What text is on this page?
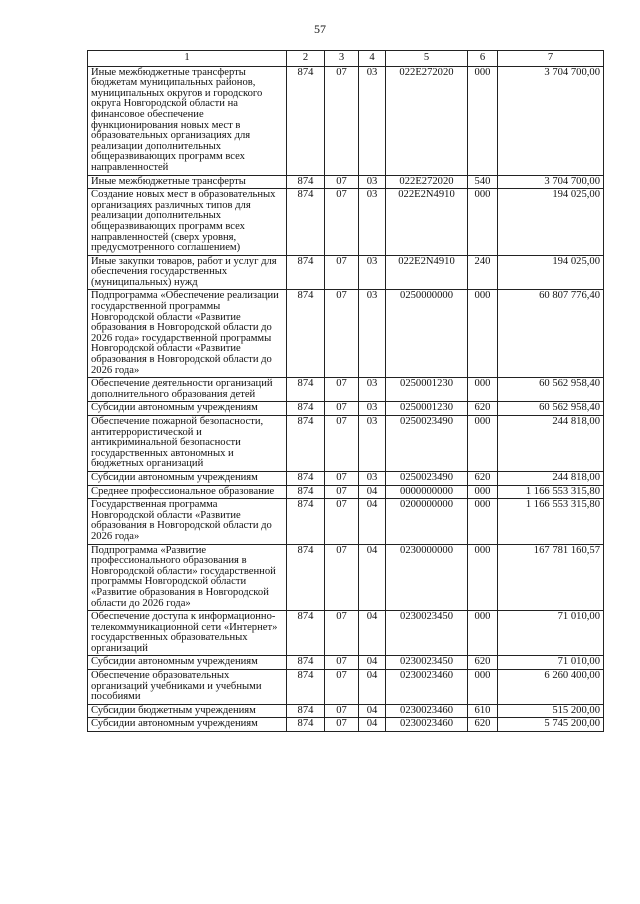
57
1	2	3	4	5	6	7
Иные межбюджетные трансферты бюджетам муниципальных районов, муниципальных округов и городского округа Новгородской области на финансовое обеспечение функционирования новых мест в образовательных организациях для реализации дополнительных общеразвивающих программ всех направленностей	874	07	03	022E272020	000	3 704 700,00
Иные межбюджетные трансферты	874	07	03	022E272020	540	3 704 700,00
Создание новых мест в образовательных организациях различных типов для реализации дополнительных общеразвивающих программ всех направленностей (сверх уровня, предусмотренного соглашением)	874	07	03	022E2N4910	000	194 025,00
Иные закупки товаров, работ и услуг для обеспечения государственных (муниципальных) нужд	874	07	03	022E2N4910	240	194 025,00
Подпрограмма «Обеспечение реализации государственной программы Новгородской области «Развитие образования в Новгородской области до 2026 года» государственной программы Новгородской области «Развитие образования в Новгородской области до 2026 года»	874	07	03	0250000000	000	60 807 776,40
Обеспечение деятельности организаций дополнительного образования детей	874	07	03	0250001230	000	60 562 958,40
Субсидии автономным учреждениям	874	07	03	0250001230	620	60 562 958,40
Обеспечение пожарной безопасности, антитеррористической и антикриминальной безопасности государственных автономных и бюджетных организаций	874	07	03	0250023490	000	244 818,00
Субсидии автономным учреждениям	874	07	03	0250023490	620	244 818,00
Среднее профессиональное образование	874	07	04	0000000000	000	1 166 553 315,80
Государственная программа Новгородской области «Развитие образования в Новгородской области до 2026 года»	874	07	04	0200000000	000	1 166 553 315,80
Подпрограмма «Развитие профессионального образования в Новгородской области» государственной программы Новгородской области «Развитие образования в Новгородской области до 2026 года»	874	07	04	0230000000	000	167 781 160,57
Обеспечение доступа к информационно-телекоммуникационной сети «Интернет» государственных образовательных организаций	874	07	04	0230023450	000	71 010,00
Субсидии автономным учреждениям	874	07	04	0230023450	620	71 010,00
Обеспечение образовательных организаций учебниками и учебными пособиями	874	07	04	0230023460	000	6 260 400,00
Субсидии бюджетным учреждениям	874	07	04	0230023460	610	515 200,00
Субсидии автономным учреждениям	874	07	04	0230023460	620	5 745 200,00
